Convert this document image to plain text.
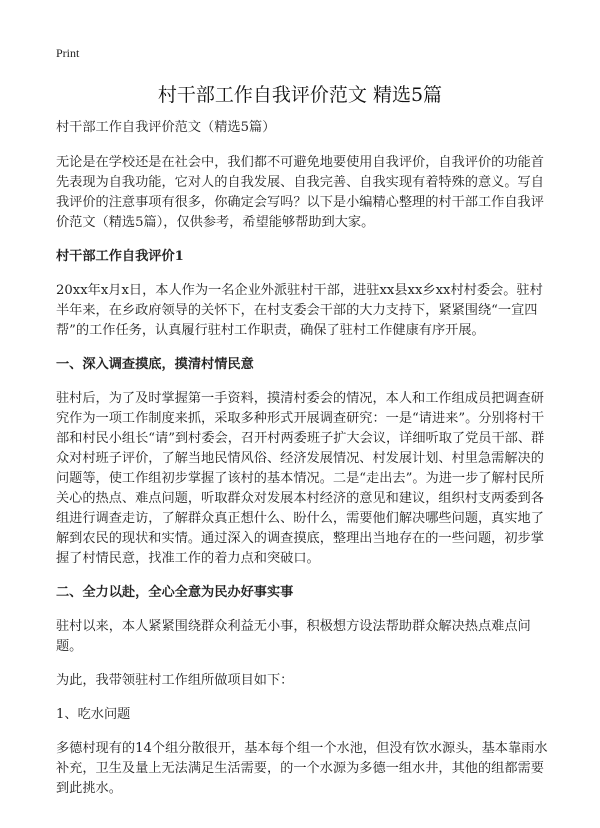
Print
村干部工作自我评价范文 精选5篇

村干部工作自我评价范文（精选5篇）

无论是在学校还是在社会中，我们都不可避免地要使用自我评价，自我评价的功能首先表现为自我功能，它对人的自我发展、自我完善、自我实现有着特殊的意义。写自我评价的注意事项有很多，你确定会写吗？以下是小编精心整理的村干部工作自我评价范文（精选5篇），仅供参考，希望能够帮助到大家。

村干部工作自我评价1

20xx年x月x日，本人作为一名企业外派驻村干部，进驻xx县xx乡xx村村委会。驻村半年来，在乡政府领导的关怀下，在村支委会干部的大力支持下，紧紧围绕“一宣四帮”的工作任务，认真履行驻村工作职责，确保了驻村工作健康有序开展。

一、深入调查摸底，摸清村情民意

驻村后，为了及时掌握第一手资料，摸清村委会的情况，本人和工作组成员把调查研究作为一项工作制度来抓，采取多种形式开展调查研究：一是“请进来”。分别将村干部和村民小组长“请”到村委会，召开村两委班子扩大会议，详细听取了党员干部、群众对村班子评价，了解当地民情风俗、经济发展情况、村发展计划、村里急需解决的问题等，使工作组初步掌握了该村的基本情况。二是“走出去”。为进一步了解村民所关心的热点、难点问题，听取群众对发展本村经济的意见和建议，组织村支两委到各组进行调查走访，了解群众真正想什么、盼什么，需要他们解决哪些问题，真实地了解到农民的现状和实情。通过深入的调查摸底，整理出当地存在的一些问题，初步掌握了村情民意，找准工作的着力点和突破口。

二、全力以赴，全心全意为民办好事实事

驻村以来，本人紧紧围绕群众利益无小事，积极想方设法帮助群众解决热点难点问题。

为此，我带领驻村工作组所做项目如下：

1、吃水问题

多德村现有的14个组分散很开，基本每个组一个水池，但没有饮水源头，基本靠雨水补充，卫生及量上无法满足生活需要，的一个水源为多德一组水井，其他的组都需要到此挑水。
